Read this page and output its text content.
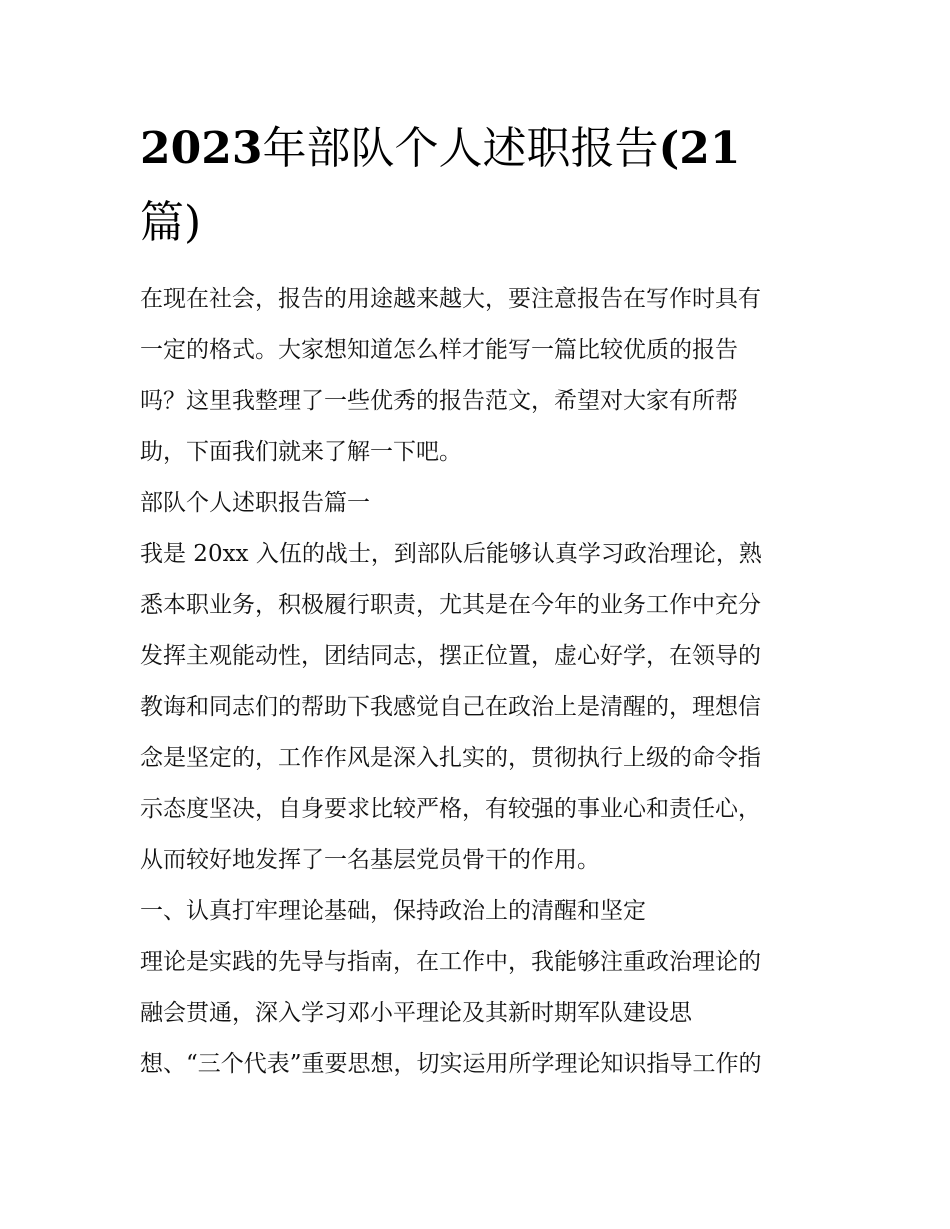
2023年部队个人述职报告(21
篇)
在现在社会，报告的用途越来越大，要注意报告在写作时具有
一定的格式。大家想知道怎么样才能写一篇比较优质的报告
吗？这里我整理了一些优秀的报告范文，希望对大家有所帮
助，下面我们就来了解一下吧。
部队个人述职报告篇一
我是 20xx 入伍的战士，到部队后能够认真学习政治理论，熟
悉本职业务，积极履行职责，尤其是在今年的业务工作中充分
发挥主观能动性，团结同志，摆正位置，虚心好学，在领导的
教诲和同志们的帮助下我感觉自己在政治上是清醒的，理想信
念是坚定的，工作作风是深入扎实的，贯彻执行上级的命令指
示态度坚决，自身要求比较严格，有较强的事业心和责任心，
从而较好地发挥了一名基层党员骨干的作用。
一、认真打牢理论基础，保持政治上的清醒和坚定
理论是实践的先导与指南，在工作中，我能够注重政治理论的
融会贯通，深入学习邓小平理论及其新时期军队建设思
想、“三个代表”重要思想，切实运用所学理论知识指导工作的
